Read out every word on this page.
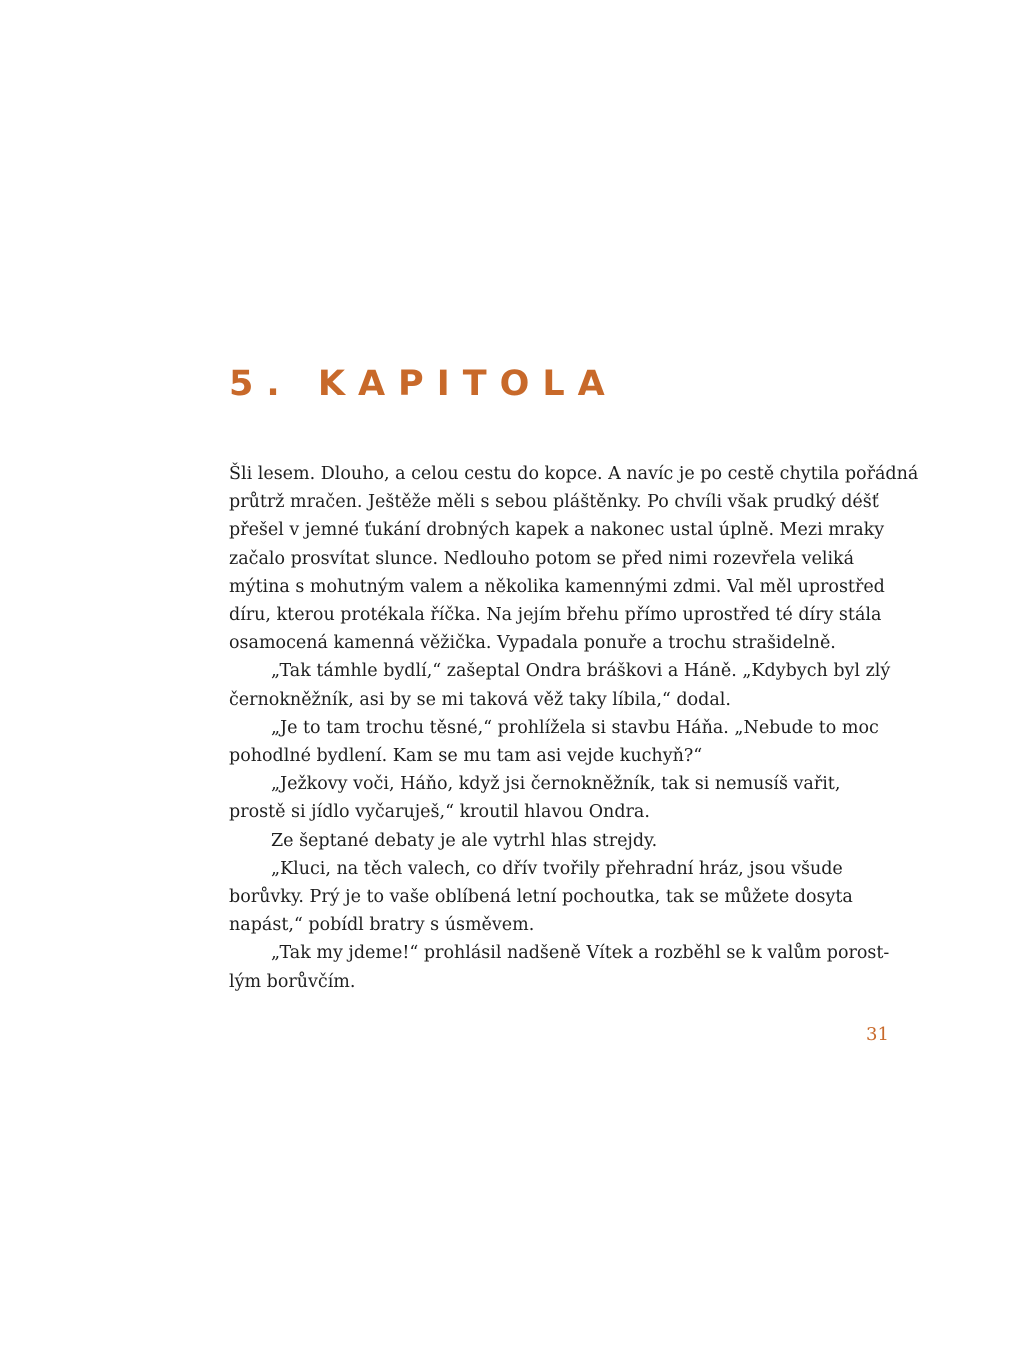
5. KAPITOLA

Šli lesem. Dlouho, a celou cestu do kopce. A navíc je po cestě chytila pořádná
průtrž mračen. Ještěže měli s sebou pláštěnky. Po chvíli však prudký déšť
přešel v jemné ťukání drobných kapek a nakonec ustal úplně. Mezi mraky
začalo prosvítat slunce. Nedlouho potom se před nimi rozevřela veliká
mýtina s mohutným valem a několika kamennými zdmi. Val měl uprostřed
díru, kterou protékala říčka. Na jejím břehu přímo uprostřed té díry stála
osamocená kamenná věžička. Vypadala ponuře a trochu strašidelně.

„Tak támhle bydlí,“ zašeptal Ondra bráškovi a Háně. „Kdybych byl zlý
černokněžník, asi by se mi taková věž taky líbila,“ dodal.

„Je to tam trochu těsné,“ prohlížela si stavbu Háňa. „Nebude to moc
pohodlné bydlení. Kam se mu tam asi vejde kuchyň?“

„Ježkovy voči, Háňo, když jsi černokněžník, tak si nemusíš vařit,
prostě si jídlo vyčaruješ,“ kroutil hlavou Ondra.

Ze šeptané debaty je ale vytrhl hlas strejdy.

„Kluci, na těch valech, co dřív tvořily přehradní hráz, jsou všude
borůvky. Prý je to vaše oblíbená letní pochoutka, tak se můžete dosyta
napást,“ pobídl bratry s úsměvem.

„Tak my jdeme!“ prohlásil nadšeně Vítek a rozběhl se k valům porost-
lým borůvčím.

31
